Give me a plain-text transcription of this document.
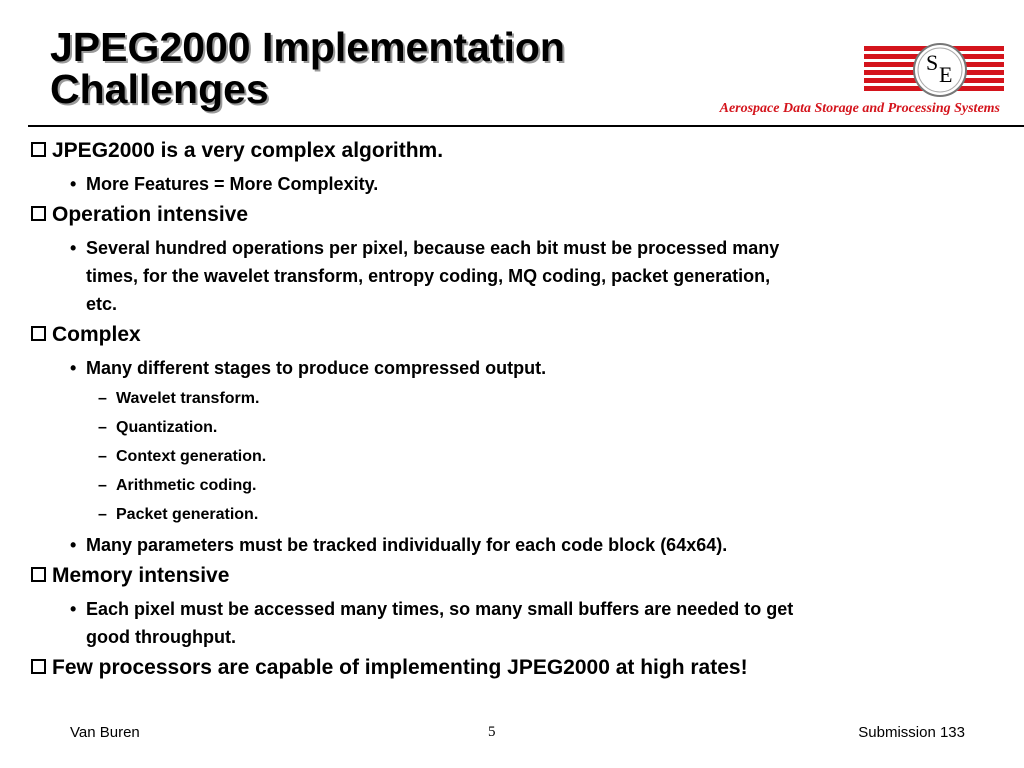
JPEG2000 Implementation
Challenges
S E
Aerospace Data Storage and Processing Systems
JPEG2000 is a very complex algorithm.
• More Features = More Complexity.
Operation intensive
• Several hundred operations per pixel, because each bit must be processed many
times, for the wavelet transform, entropy coding, MQ coding, packet generation,
etc.
Complex
• Many different stages to produce compressed output.
– Wavelet transform.
– Quantization.
– Context generation.
– Arithmetic coding.
– Packet generation.
• Many parameters must be tracked individually for each code block (64x64).
Memory intensive
• Each pixel must be accessed many times, so many small buffers are needed to get
good throughput.
Few processors are capable of implementing JPEG2000 at high rates!
Van Buren	5	Submission 133
